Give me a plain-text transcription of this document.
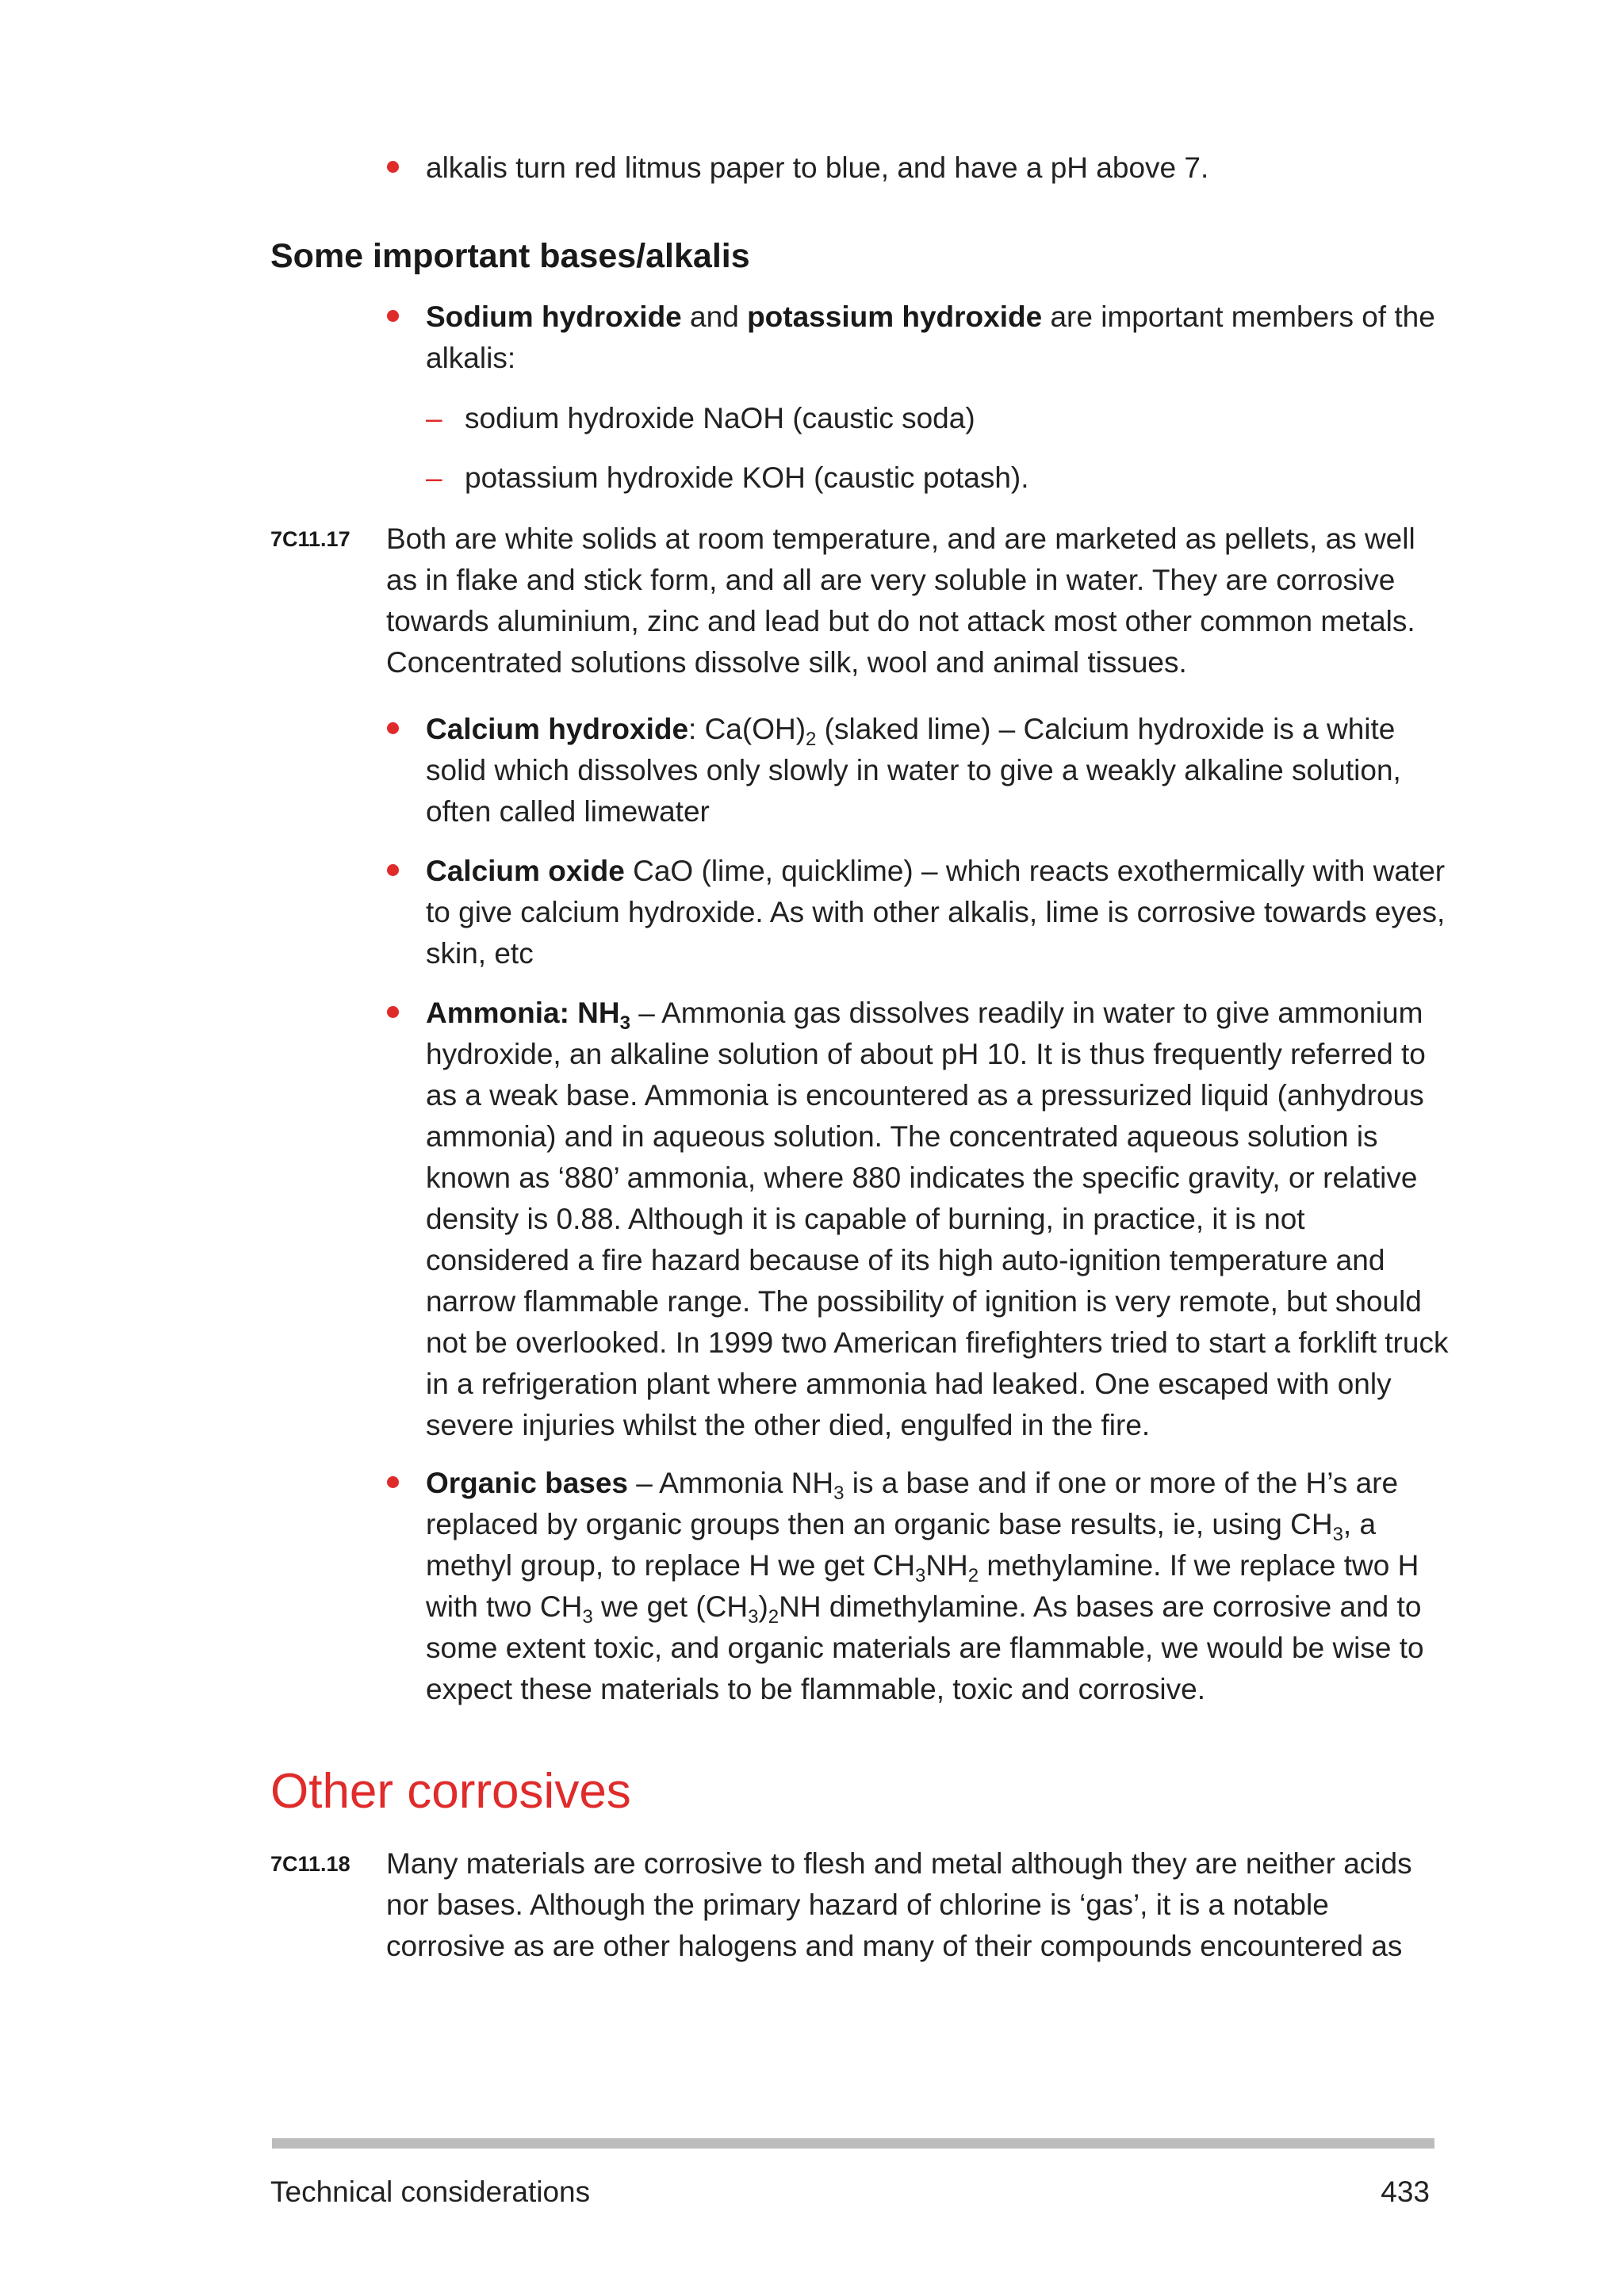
alkalis turn red litmus paper to blue, and have a pH above 7.

Some important bases/alkalis

Sodium hydroxide and potassium hydroxide are important members of the alkalis:

– sodium hydroxide NaOH (caustic soda)

– potassium hydroxide KOH (caustic potash).

7C11.17 Both are white solids at room temperature, and are marketed as pellets, as well as in flake and stick form, and all are very soluble in water. They are corrosive towards aluminium, zinc and lead but do not attack most other common metals. Concentrated solutions dissolve silk, wool and animal tissues.

Calcium hydroxide: $Ca(OH)_2$ (slaked lime) – Calcium hydroxide is a white solid which dissolves only slowly in water to give a weakly alkaline solution, often called limewater

Calcium oxide CaO (lime, quicklime) – which reacts exothermically with water to give calcium hydroxide. As with other alkalis, lime is corrosive towards eyes, skin, etc

Ammonia: $NH_3$ – Ammonia gas dissolves readily in water to give ammonium hydroxide, an alkaline solution of about pH 10. It is thus frequently referred to as a weak base. Ammonia is encountered as a pressurized liquid (anhydrous ammonia) and in aqueous solution. The concentrated aqueous solution is known as ‘880’ ammonia, where 880 indicates the specific gravity, or relative density is 0.88. Although it is capable of burning, in practice, it is not considered a fire hazard because of its high auto-ignition temperature and narrow flammable range. The possibility of ignition is very remote, but should not be overlooked. In 1999 two American firefighters tried to start a forklift truck in a refrigeration plant where ammonia had leaked. One escaped with only severe injuries whilst the other died, engulfed in the fire.

Organic bases – Ammonia $NH_3$ is a base and if one or more of the H’s are replaced by organic groups then an organic base results, ie, using $CH_3$, a methyl group, to replace H we get $CH_3NH_2$ methylamine. If we replace two H with two $CH_3$ we get $(CH_3)_2NH$ dimethylamine. As bases are corrosive and to some extent toxic, and organic materials are flammable, we would be wise to expect these materials to be flammable, toxic and corrosive.

Other corrosives
7C11.18 Many materials are corrosive to flesh and metal although they are neither acids nor bases. Although the primary hazard of chlorine is ‘gas’, it is a notable corrosive as are other halogens and many of their compounds encountered as

Technical considerations	433
